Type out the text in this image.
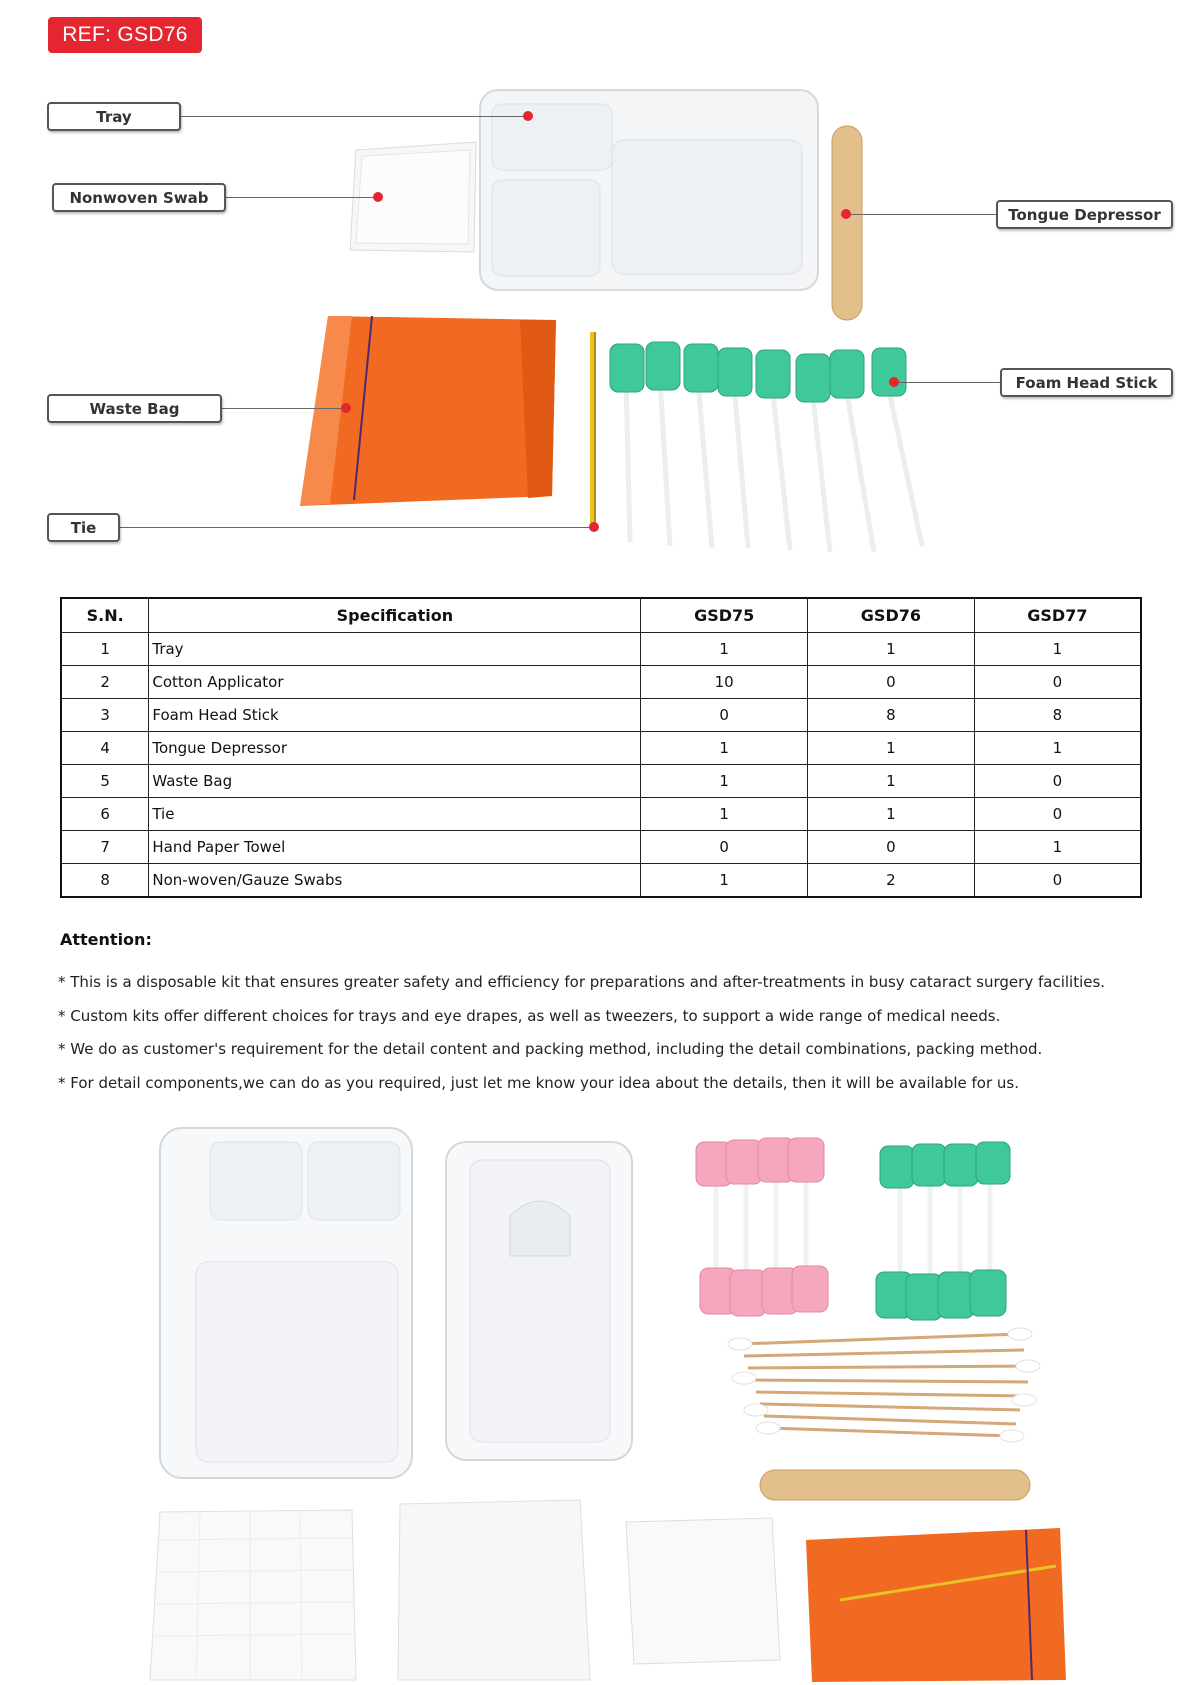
REF: GSD76
Tray
Nonwoven Swab
Tongue Depressor
Waste Bag
Foam Head Stick
Tie
S.N.	Specification	GSD75	GSD76	GSD77
1	Tray	1	1	1
2	Cotton Applicator	10	0	0
3	Foam Head Stick	0	8	8
4	Tongue Depressor	1	1	1
5	Waste Bag	1	1	0
6	Tie	1	1	0
7	Hand Paper Towel	0	0	1
8	Non-woven/Gauze Swabs	1	2	0
Attention:
* This is a disposable kit that ensures greater safety and efficiency for preparations and after-treatments in busy cataract surgery facilities.
* Custom kits offer different choices for trays and eye drapes, as well as tweezers, to support a wide range of medical needs.
* We do as customer's requirement for the detail content and packing method, including the detail combinations, packing method.
* For detail components,we can do as you required, just let me know your idea about the details, then it will be available for us.
